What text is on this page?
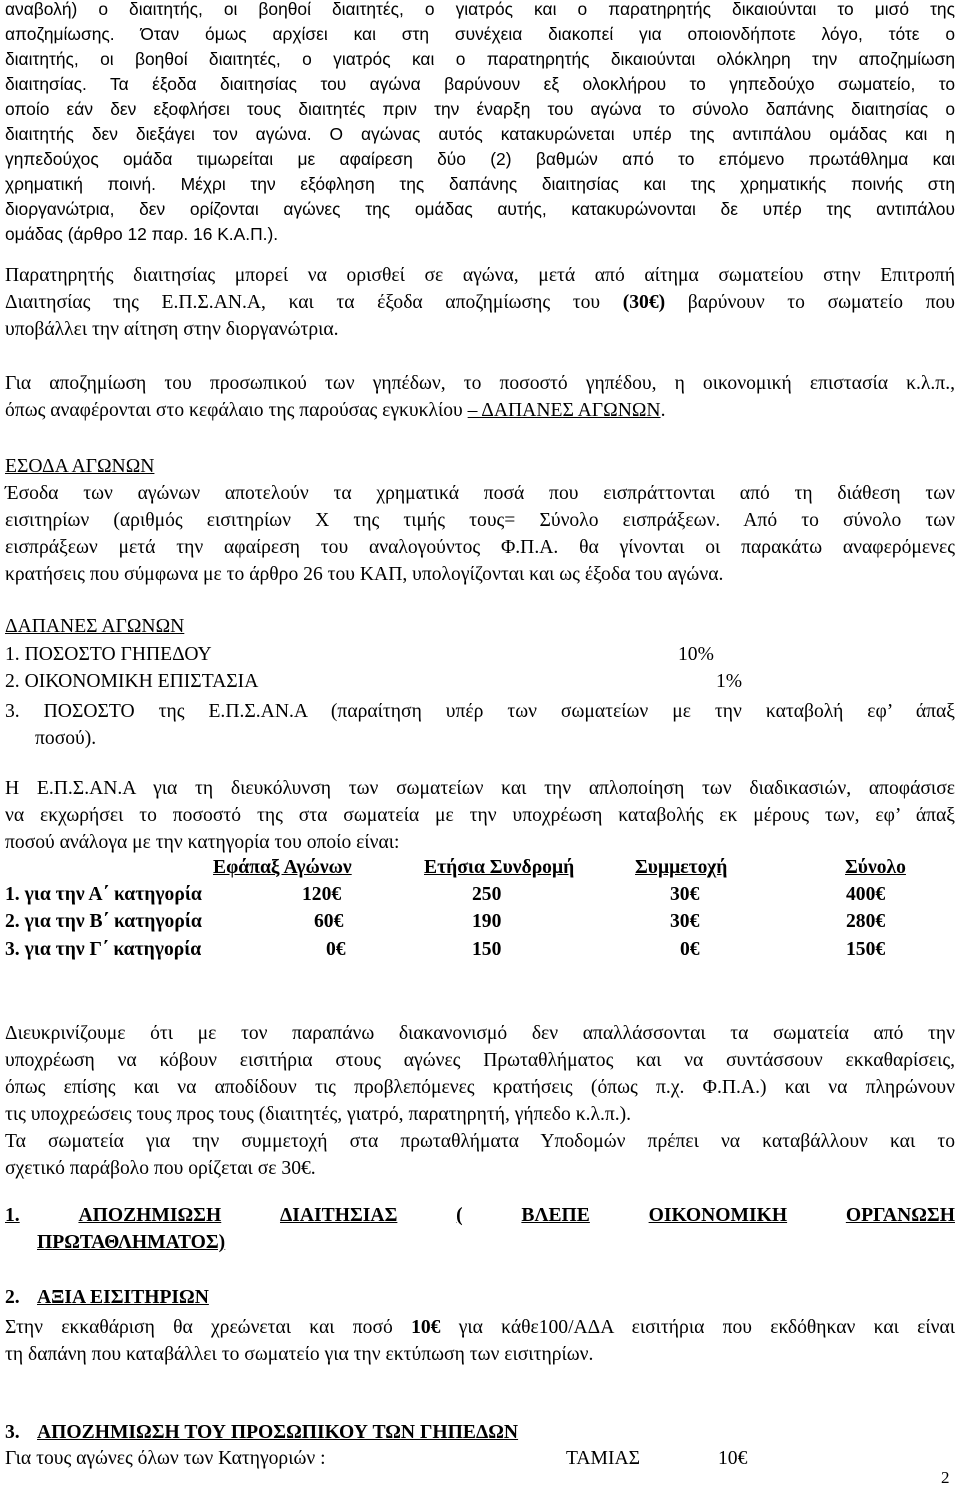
αναβολή) ο διαιτητής, οι βοηθοί διαιτητές, ο γιατρός και ο παρατηρητής δικαιούνται το μισό της
αποζημίωσης. Όταν όμως αρχίσει και στη συνέχεια διακοπεί για οποιονδήποτε λόγο, τότε ο
διαιτητής, οι βοηθοί διαιτητές, ο γιατρός και ο παρατηρητής δικαιούνται ολόκληρη την αποζημίωση
διαιτησίας. Τα έξοδα διαιτησίας του αγώνα βαρύνουν εξ ολοκλήρου το γηπεδούχο σωματείο, το
οποίο εάν δεν εξοφλήσει τους διαιτητές πριν την έναρξη του αγώνα το σύνολο δαπάνης διαιτησίας ο
διαιτητής δεν διεξάγει τον αγώνα. Ο αγώνας αυτός κατακυρώνεται υπέρ της αντιπάλου ομάδας και η
γηπεδούχος ομάδα τιμωρείται με αφαίρεση δύο (2) βαθμών από το επόμενο πρωτάθλημα και
χρηματική ποινή. Μέχρι την εξόφληση της δαπάνης διαιτησίας και της χρηματικής ποινής στη
διοργανώτρια, δεν ορίζονται αγώνες της ομάδας αυτής, κατακυρώνονται δε υπέρ της αντιπάλου
ομάδας (άρθρο 12 παρ. 16 Κ.Α.Π.).
Παρατηρητής διαιτησίας μπορεί να ορισθεί σε αγώνα, μετά από αίτημα σωματείου στην Επιτροπή
Διαιτησίας της Ε.Π.Σ.ΑΝ.Α, και τα έξοδα αποζημίωσης του (30€) βαρύνουν το σωματείο που
υποβάλλει την αίτηση στην διοργανώτρια.
Για αποζημίωση του προσωπικού των γηπέδων, το ποσοστό γηπέδου, η οικονομική επιστασία κ.λ.π.,
όπως αναφέρονται στο κεφάλαιο της παρούσας εγκυκλίου – ΔΑΠΑΝΕΣ ΑΓΩΝΩΝ.
ΕΣΟΔΑ ΑΓΩΝΩΝ
Έσοδα των αγώνων αποτελούν τα χρηματικά ποσά που εισπράττονται από τη διάθεση των
εισιτηρίων (αριθμός εισιτηρίων Χ της τιμής τους= Σύνολο εισπράξεων. Από το σύνολο των
εισπράξεων μετά την αφαίρεση του αναλογούντος Φ.Π.Α. θα γίνονται οι παρακάτω αναφερόμενες
κρατήσεις που σύμφωνα με το άρθρο 26 του ΚΑΠ, υπολογίζονται και ως έξοδα του αγώνα.
ΔΑΠΑΝΕΣ ΑΓΩΝΩΝ
1. ΠΟΣΟΣΤΟ ΓΗΠΕΔΟΥ	10%
2. ΟΙΚΟΝΟΜΙΚΗ ΕΠΙΣΤΑΣΙΑ	1%
3. ΠΟΣΟΣΤΟ της Ε.Π.Σ.ΑΝ.Α (παραίτηση υπέρ των σωματείων με την καταβολή εφ’ άπαξ
ποσού).
Η Ε.Π.Σ.ΑΝ.Α για τη διευκόλυνση των σωματείων και την απλοποίηση των διαδικασιών, αποφάσισε
να εκχωρήσει το ποσοστό της στα σωματεία με την υποχρέωση καταβολής εκ μέρους των, εφ’ άπαξ
ποσού ανάλογα με την κατηγορία του οποίο είναι:
Εφάπαξ Αγώνων	Ετήσια Συνδρομή	Συμμετοχή	Σύνολο
1. για την Α΄ κατηγορία	120€	250	30€	400€
2. για την Β΄ κατηγορία	60€	190	30€	280€
3. για την Γ΄ κατηγορία	0€	150	0€	150€
Διευκρινίζουμε ότι με τον παραπάνω διακανονισμό δεν απαλλάσσονται τα σωματεία από την
υποχρέωση να κόβουν εισιτήρια στους αγώνες Πρωταθλήματος και να συντάσσουν εκκαθαρίσεις,
όπως επίσης και να αποδίδουν τις προβλεπόμενες κρατήσεις (όπως π.χ. Φ.Π.Α.) και να πληρώνουν
τις υποχρεώσεις τους προς τους (διαιτητές, γιατρό, παρατηρητή, γήπεδο κ.λ.π.).
Τα σωματεία για την συμμετοχή στα πρωταθλήματα Υποδομών πρέπει να καταβάλλουν και το
σχετικό παράβολο που ορίζεται σε 30€.
1.	ΑΠΟΖΗΜΙΩΣΗ	ΔΙΑΙΤΗΣΙΑΣ	(	ΒΛΕΠΕ	ΟΙΚΟΝΟΜΙΚΗ	ΟΡΓΑΝΩΣΗ
ΠΡΩΤΑΘΛΗΜΑΤΟΣ)
2. ΑΞΙΑ ΕΙΣΙΤΗΡΙΩΝ
Στην εκκαθάριση θα χρεώνεται και ποσό 10€ για κάθε100/ΑΔΑ εισιτήρια που εκδόθηκαν και είναι
τη δαπάνη που καταβάλλει το σωματείο για την εκτύπωση των εισιτηρίων.
3. ΑΠΟΖΗΜΙΩΣΗ ΤΟΥ ΠΡΟΣΩΠΙΚΟΥ ΤΩΝ ΓΗΠΕΔΩΝ
Για τους αγώνες όλων των Κατηγοριών :	ΤΑΜΙΑΣ	10€
2
